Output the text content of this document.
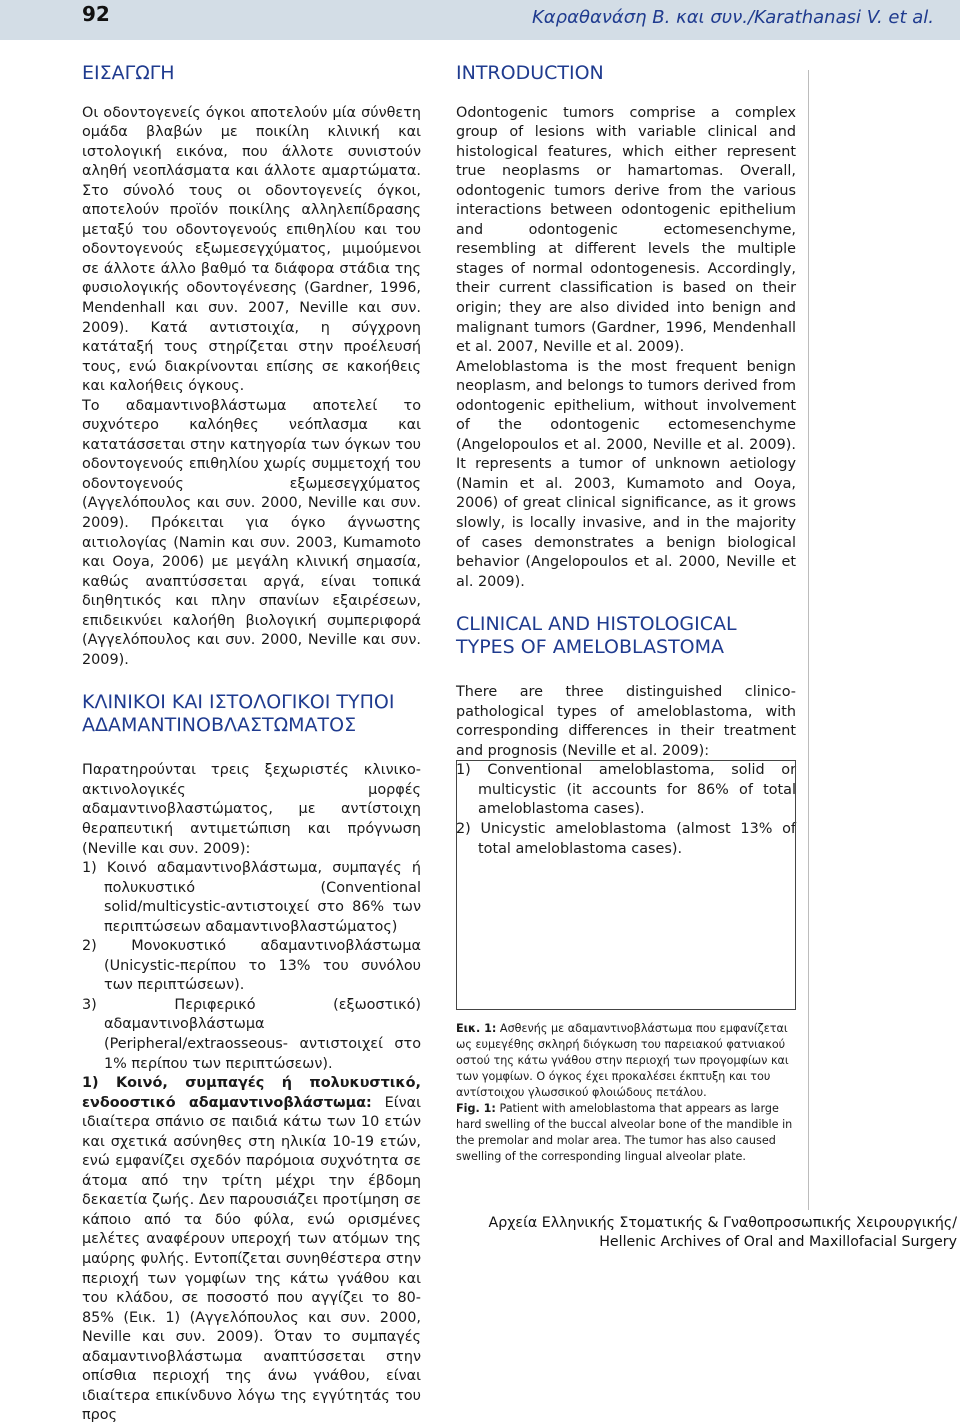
92	Καραθανάση Β. και συν./Karathanasi V. et al.
ΕΙΣΑΓΩΓΗ

Οι οδοντογενείς όγκοι αποτελούν μία σύνθετη ομάδα βλαβών με ποικίλη κλινική και ιστολογική εικόνα, που άλλοτε συνιστούν αληθή νεοπλάσματα και άλλοτε αμαρτώματα. Στο σύνολό τους οι οδοντογενείς όγκοι, αποτελούν προϊόν ποικίλης αλληλεπίδρασης μεταξύ του οδοντογενούς επιθηλίου και του οδοντογενούς εξωμεσεγχύματος, μιμούμενοι σε άλλοτε άλλο βαθμό τα διάφορα στάδια της φυσιολογικής οδοντογένεσης (Gardner, 1996, Mendenhall και συν. 2007, Neville και συν. 2009). Κατά αντιστοιχία, η σύγχρονη κατάταξή τους στηρίζεται στην προέλευσή τους, ενώ διακρίνονται επίσης σε κακοήθεις και καλοήθεις όγκους.

Το αδαμαντινοβλάστωμα αποτελεί το συχνότερο καλόηθες νεόπλασμα και κατατάσσεται στην κατηγορία των όγκων του οδοντογενούς επιθηλίου χωρίς συμμετοχή του οδοντογενούς εξωμεσεγχύματος (Αγγελόπουλος και συν. 2000, Neville και συν. 2009). Πρόκειται για όγκο άγνωστης αιτιολογίας (Namin και συν. 2003, Kumamoto και Ooya, 2006) με μεγάλη κλινική σημασία, καθώς αναπτύσσεται αργά, είναι τοπικά διηθητικός και πλην σπανίων εξαιρέσεων, επιδεικνύει καλοήθη βιολογική συμπεριφορά (Αγγελόπουλος και συν. 2000, Neville και συν. 2009).

ΚΛΙΝΙΚΟΙ ΚΑΙ ΙΣΤΟΛΟΓΙΚΟΙ ΤΥΠΟΙ
ΑΔΑΜΑΝΤΙΝΟΒΛΑΣΤΩΜΑΤΟΣ

Παρατηρούνται τρεις ξεχωριστές κλινικο-ακτινολογικές μορφές αδαμαντινοβλαστώματος, με αντίστοιχη θεραπευτική αντιμετώπιση και πρόγνωση (Neville και συν. 2009):

1) Κοινό αδαμαντινοβλάστωμα, συμπαγές ή πολυκυστικό (Conventional solid/multicystic-αντιστοιχεί στο 86% των περιπτώσεων αδαμαντινοβλαστώματος)

2) Μονοκυστικό αδαμαντινοβλάστωμα (Unicystic-περίπου το 13% του συνόλου των περιπτώσεων).

3) Περιφερικό (εξωοστικό) αδαμαντινοβλάστωμα (Peripheral/extraosseous- αντιστοιχεί στο 1% περίπου των περιπτώσεων).

1) Κοινό, συμπαγές ή πολυκυστικό, ενδοοστικό αδαμαντινοβλάστωμα: Είναι ιδιαίτερα σπάνιο σε παιδιά κάτω των 10 ετών και σχετικά ασύνηθες στη ηλικία 10-19 ετών, ενώ εμφανίζει σχεδόν παρόμοια συχνότητα σε άτομα από την τρίτη μέχρι την έβδομη δεκαετία ζωής. Δεν παρουσιάζει προτίμηση σε κάποιο από τα δύο φύλα, ενώ ορισμένες μελέτες αναφέρουν υπεροχή των ατόμων της μαύρης φυλής. Εντοπίζεται συνηθέστερα στην περιοχή των γομφίων της κάτω γνάθου και του κλάδου, σε ποσοστό που αγγίζει το 80-85% (Εικ. 1) (Αγγελόπουλος και συν. 2000, Neville και συν. 2009). Όταν το συμπαγές αδαμαντινοβλάστωμα αναπτύσσεται στην οπίσθια περιοχή της άνω γνάθου, είναι ιδιαίτερα επικίνδυνο λόγω της εγγύτητάς του προς

INTRODUCTION

Odontogenic tumors comprise a complex group of lesions with variable clinical and histological features, which either represent true neoplasms or hamartomas. Overall, odontogenic tumors derive from the various interactions between odontogenic epithelium and odontogenic ectomesenchyme, resembling at different levels the multiple stages of normal odontogenesis. Accordingly, their current classification is based on their origin; they are also divided into benign and malignant tumors (Gardner, 1996, Mendenhall et al. 2007, Neville et al. 2009).

Ameloblastoma is the most frequent benign neoplasm, and belongs to tumors derived from odontogenic epithelium, without involvement of the odontogenic ectomesenchyme (Angelopoulos et al. 2000, Neville et al. 2009). It represents a tumor of unknown aetiology (Namin et al. 2003, Kumamoto and Ooya, 2006) of great clinical significance, as it grows slowly, is locally invasive, and in the majority of cases demonstrates a benign biological behavior (Angelopoulos et al. 2000, Neville et al. 2009).

CLINICAL AND HISTOLOGICAL
TYPES OF AMELOBLASTOMA

There are three distinguished clinico-pathological types of ameloblastoma, with corresponding differences in their treatment and prognosis (Neville et al. 2009):

1) Conventional ameloblastoma, solid or multicystic (it accounts for 86% of total ameloblastoma cases).

2) Unicystic ameloblastoma (almost 13% of total ameloblastoma cases).

Εικ. 1: Ασθενής με αδαμαντινοβλάστωμα που εμφανίζεται ως ευμεγέθης σκληρή διόγκωση του παρειακού φατνιακού οστού της κάτω γνάθου στην περιοχή των προγομφίων και των γομφίων. Ο όγκος έχει προκαλέσει έκπτυξη και του αντίστοιχου γλωσσικού φλοιώδους πετάλου.

Fig. 1: Patient with ameloblastoma that appears as large hard swelling of the buccal alveolar bone of the mandible in the premolar and molar area. The tumor has also caused swelling of the corresponding lingual alveolar plate.

Αρχεία Ελληνικής Στοματικής & Γναθοπροσωπικής Χειρουργικής/
Hellenic Archives of Oral and Maxillofacial Surgery
